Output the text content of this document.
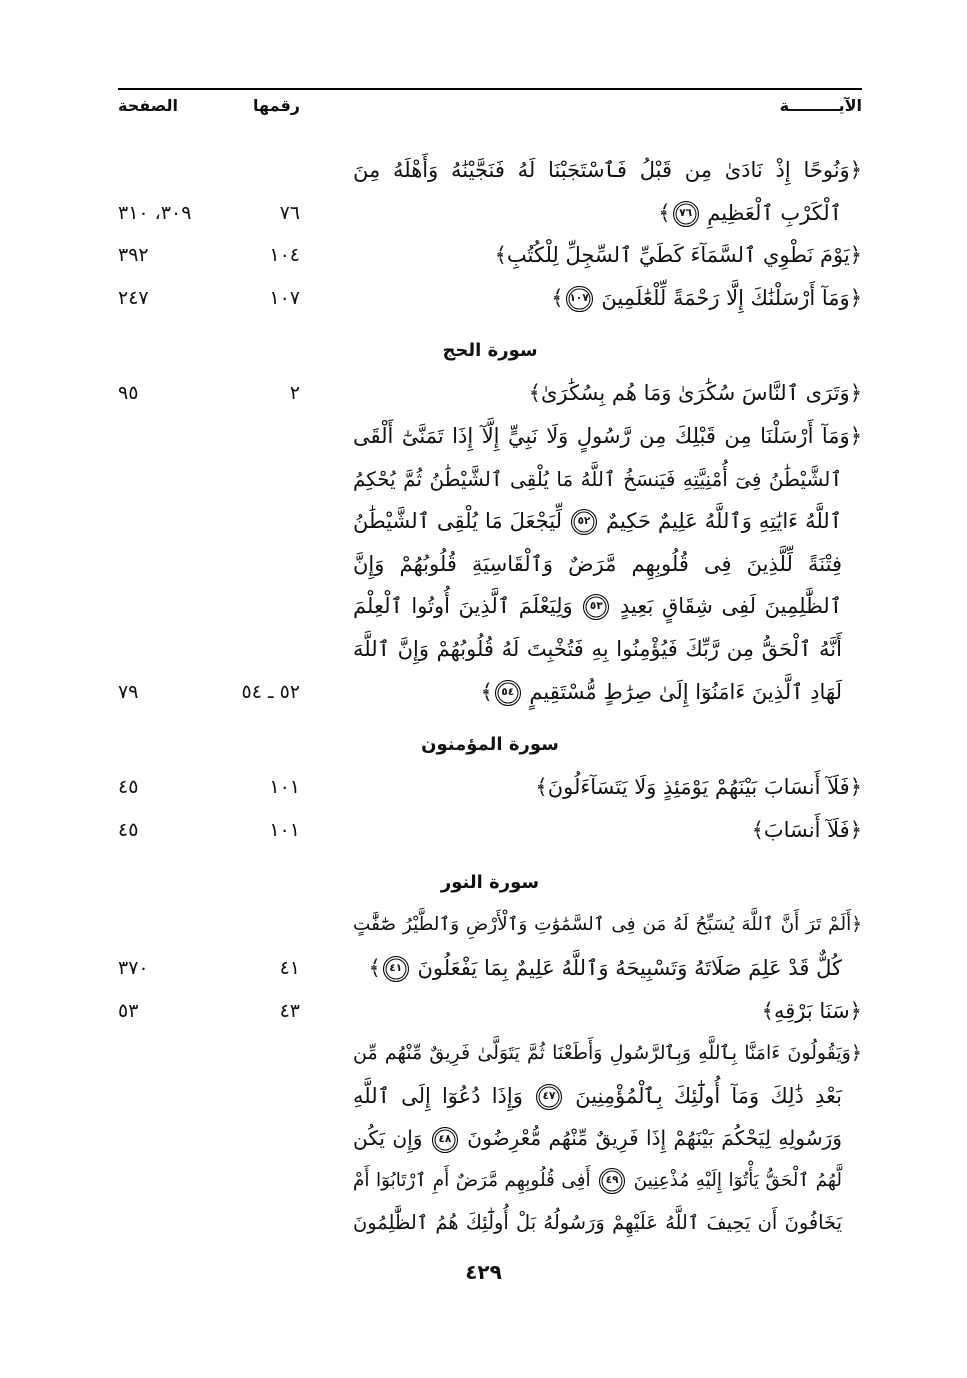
الآيـــــــــة
رقمها
الصفحة
﴿وَنُوحًا إِذْ نَادَىٰ مِن قَبْلُ فَٱسْتَجَبْنَا لَهُ فَنَجَّيْنَٰهُ وَأَهْلَهُ مِنَ
ٱلْكَرْبِ ٱلْعَظِيمِ ٧٦﴾
٧٦
٣٠٩، ٣١٠
﴿يَوْمَ نَطْوِي ٱلسَّمَآءَ كَطَيِّ ٱلسِّجِلِّ لِلْكُتُبِ﴾
١٠٤
٣٩٢
﴿وَمَآ أَرْسَلْنَٰكَ إِلَّا رَحْمَةً لِّلْعَٰلَمِينَ ١٠٧﴾
١٠٧
٢٤٧
سورة الحج
﴿وَتَرَى ٱلنَّاسَ سُكَٰرَىٰ وَمَا هُم بِسُكَٰرَىٰ﴾
٢
٩٥
﴿وَمَآ أَرْسَلْنَا مِن قَبْلِكَ مِن رَّسُولٍ وَلَا نَبِيٍّ إِلَّآ إِذَا تَمَنَّىٰٓ أَلْقَى
ٱلشَّيْطَٰنُ فِىٓ أُمْنِيَّتِهِ فَيَنسَخُ ٱللَّهُ مَا يُلْقِى ٱلشَّيْطَٰنُ ثُمَّ يُحْكِمُ
ٱللَّهُ ءَايَٰتِهِ وَٱللَّهُ عَلِيمٌ حَكِيمٌ ٥٢ لِّيَجْعَلَ مَا يُلْقِى ٱلشَّيْطَٰنُ
فِتْنَةً لِّلَّذِينَ فِى قُلُوبِهِم مَّرَضٌ وَٱلْقَاسِيَةِ قُلُوبُهُمْ وَإِنَّ
ٱلظَّٰلِمِينَ لَفِى شِقَاقٍ بَعِيدٍ ٥٣ وَلِيَعْلَمَ ٱلَّذِينَ أُوتُوا ٱلْعِلْمَ
أَنَّهُ ٱلْحَقُّ مِن رَّبِّكَ فَيُؤْمِنُوا بِهِ فَتُخْبِتَ لَهُ قُلُوبُهُمْ وَإِنَّ ٱللَّهَ
لَهَادِ ٱلَّذِينَ ءَامَنُوٓا إِلَىٰ صِرَٰطٍ مُّسْتَقِيمٍ ٥٤﴾
٥٢ ـ ٥٤
٧٩
سورة المؤمنون
﴿فَلَآ أَنسَابَ بَيْنَهُمْ يَوْمَئِذٍ وَلَا يَتَسَآءَلُونَ﴾
١٠١
٤٥
﴿فَلَآ أَنسَابَ﴾
١٠١
٤٥
سورة النور
﴿أَلَمْ تَرَ أَنَّ ٱللَّهَ يُسَبِّحُ لَهُ مَن فِى ٱلسَّمَٰوَٰتِ وَٱلْأَرْضِ وَٱلطَّيْرُ صَٰٓفَّٰتٍ
كُلٌّ قَدْ عَلِمَ صَلَاتَهُ وَتَسْبِيحَهُ وَٱللَّهُ عَلِيمٌ بِمَا يَفْعَلُونَ ٤١﴾
٤١
٣٧٠
﴿سَنَا بَرْقِهِ﴾
٤٣
٥٣
﴿وَيَقُولُونَ ءَامَنَّا بِٱللَّهِ وَبِٱلرَّسُولِ وَأَطَعْنَا ثُمَّ يَتَوَلَّىٰ فَرِيقٌ مِّنْهُم مِّن
بَعْدِ ذَٰلِكَ وَمَآ أُولَٰٓئِكَ بِٱلْمُؤْمِنِينَ ٤٧ وَإِذَا دُعُوٓا إِلَى ٱللَّهِ
وَرَسُولِهِ لِيَحْكُمَ بَيْنَهُمْ إِذَا فَرِيقٌ مِّنْهُم مُّعْرِضُونَ ٤٨ وَإِن يَكُن
لَّهُمُ ٱلْحَقُّ يَأْتُوٓا إِلَيْهِ مُذْعِنِينَ ٤٩ أَفِى قُلُوبِهِم مَّرَضٌ أَمِ ٱرْتَابُوٓا أَمْ
يَخَافُونَ أَن يَحِيفَ ٱللَّهُ عَلَيْهِمْ وَرَسُولُهُ بَلْ أُولَٰٓئِكَ هُمُ ٱلظَّٰلِمُونَ
٤٢٩
